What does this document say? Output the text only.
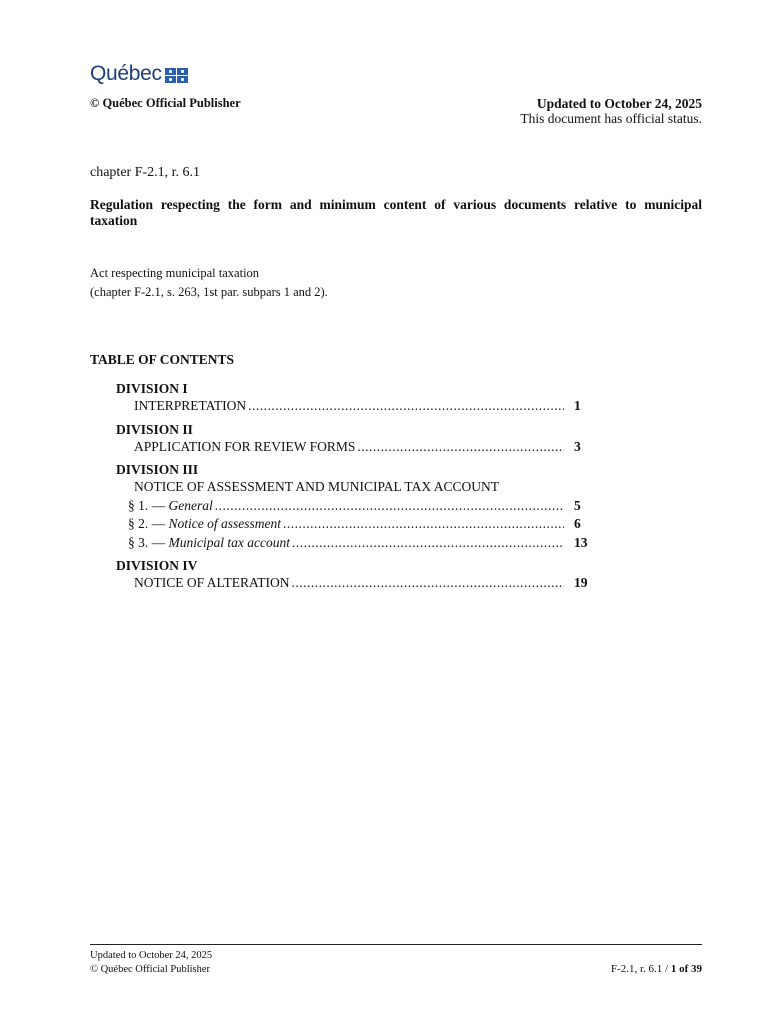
Québec
© Québec Official Publisher	Updated to October 24, 2025
This document has official status.
chapter F-2.1, r. 6.1
Regulation respecting the form and minimum content of various documents relative to municipal taxation
Act respecting municipal taxation
(chapter F-2.1, s. 263, 1st par. subpars 1 and 2).
TABLE OF CONTENTS
DIVISION I
INTERPRETATION .....	1
DIVISION II
APPLICATION FOR REVIEW FORMS .....	3
DIVISION III
NOTICE OF ASSESSMENT AND MUNICIPAL TAX ACCOUNT
§ 1. — General .....	5
§ 2. — Notice of assessment .....	6
§ 3. — Municipal tax account .....	13
DIVISION IV
NOTICE OF ALTERATION .....	19
Updated to October 24, 2025
© Québec Official Publisher	F-2.1, r. 6.1 / 1 of 39
